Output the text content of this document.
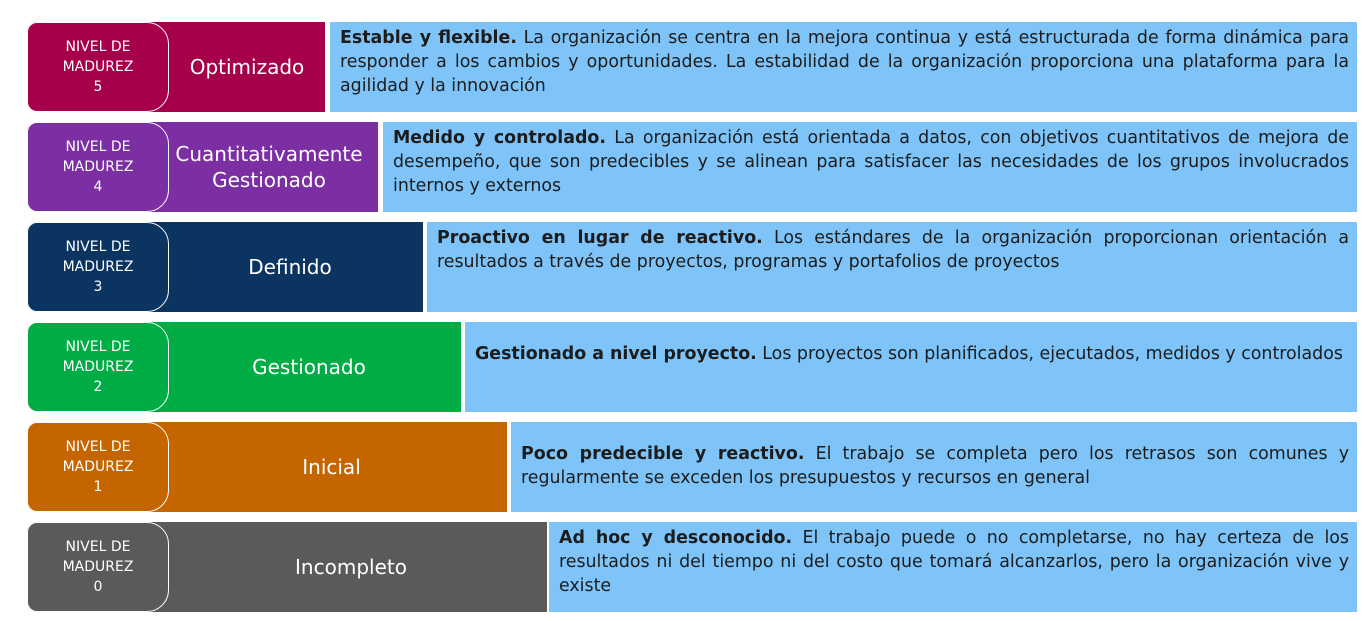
NIVEL DE
MADUREZ
5
Optimizado
Estable y flexible. La organización se centra en la mejora continua y está estructurada de forma dinámica para responder a los cambios y oportunidades. La estabilidad de la organización proporciona una plataforma para la agilidad y la innovación
NIVEL DE
MADUREZ
4
Cuantitativamente Gestionado
Medido y controlado. La organización está orientada a datos, con objetivos cuantitativos de mejora de desempeño, que son predecibles y se alinean para satisfacer las necesidades de los grupos involucrados internos y externos
NIVEL DE
MADUREZ
3
Definido
Proactivo en lugar de reactivo. Los estándares de la organización proporcionan orientación a resultados a través de proyectos, programas y portafolios de proyectos
NIVEL DE
MADUREZ
2
Gestionado
Gestionado a nivel proyecto. Los proyectos son planificados, ejecutados, medidos y controlados
NIVEL DE
MADUREZ
1
Inicial
Poco predecible y reactivo. El trabajo se completa pero los retrasos son comunes y regularmente se exceden los presupuestos y recursos en general
NIVEL DE
MADUREZ
0
Incompleto
Ad hoc y desconocido. El trabajo puede o no completarse, no hay certeza de los resultados ni del tiempo ni del costo que tomará alcanzarlos, pero la organización vive y existe
